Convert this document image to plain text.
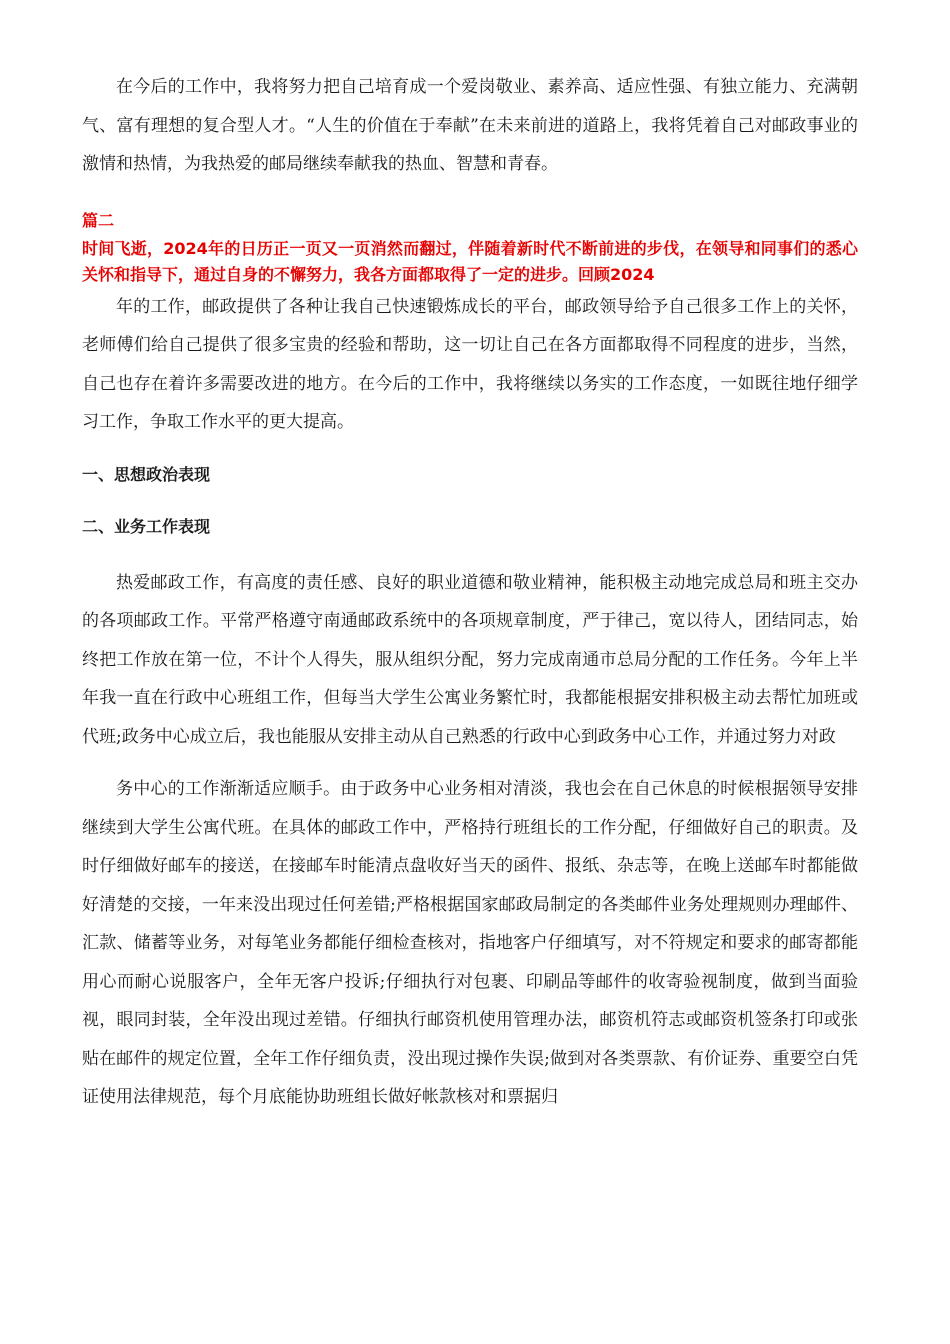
在今后的工作中，我将努力把自己培育成一个爱岗敬业、素养高、适应性强、有独立能力、充满朝气、富有理想的复合型人才。“人生的价值在于奉献”在未来前进的道路上，我将凭着自己对邮政事业的激情和热情，为我热爱的邮局继续奉献我的热血、智慧和青春。

篇二

时间飞逝，2024年的日历正一页又一页消然而翻过，伴随着新时代不断前进的步伐，在领导和同事们的悉心关怀和指导下，通过自身的不懈努力，我各方面都取得了一定的进步。回顾2024

年的工作，邮政提供了各种让我自己快速锻炼成长的平台，邮政领导给予自己很多工作上的关怀，老师傅们给自己提供了很多宝贵的经验和帮助，这一切让自己在各方面都取得不同程度的进步，当然，自己也存在着许多需要改进的地方。在今后的工作中，我将继续以务实的工作态度，一如既往地仔细学习工作，争取工作水平的更大提高。

一、思想政治表现

二、业务工作表现

热爱邮政工作，有高度的责任感、良好的职业道德和敬业精神，能积极主动地完成总局和班主交办的各项邮政工作。平常严格遵守南通邮政系统中的各项规章制度，严于律己，宽以待人，团结同志，始终把工作放在第一位，不计个人得失，服从组织分配，努力完成南通市总局分配的工作任务。今年上半年我一直在行政中心班组工作，但每当大学生公寓业务繁忙时，我都能根据安排积极主动去帮忙加班或代班;政务中心成立后，我也能服从安排主动从自己熟悉的行政中心到政务中心工作，并通过努力对政

务中心的工作渐渐适应顺手。由于政务中心业务相对清淡，我也会在自己休息的时候根据领导安排继续到大学生公寓代班。在具体的邮政工作中，严格持行班组长的工作分配，仔细做好自己的职责。及时仔细做好邮车的接送，在接邮车时能清点盘收好当天的函件、报纸、杂志等，在晚上送邮车时都能做好清楚的交接，一年来没出现过任何差错;严格根据国家邮政局制定的各类邮件业务处理规则办理邮件、汇款、储蓄等业务，对每笔业务都能仔细检查核对，指地客户仔细填写，对不符规定和要求的邮寄都能用心而耐心说服客户，全年无客户投诉;仔细执行对包裹、印刷品等邮件的收寄验视制度，做到当面验视，眼同封装，全年没出现过差错。仔细执行邮资机使用管理办法，邮资机符志或邮资机签条打印或张贴在邮件的规定位置，全年工作仔细负责，没出现过操作失误;做到对各类票款、有价证券、重要空白凭证使用法律规范，每个月底能协助班组长做好帐款核对和票据归
